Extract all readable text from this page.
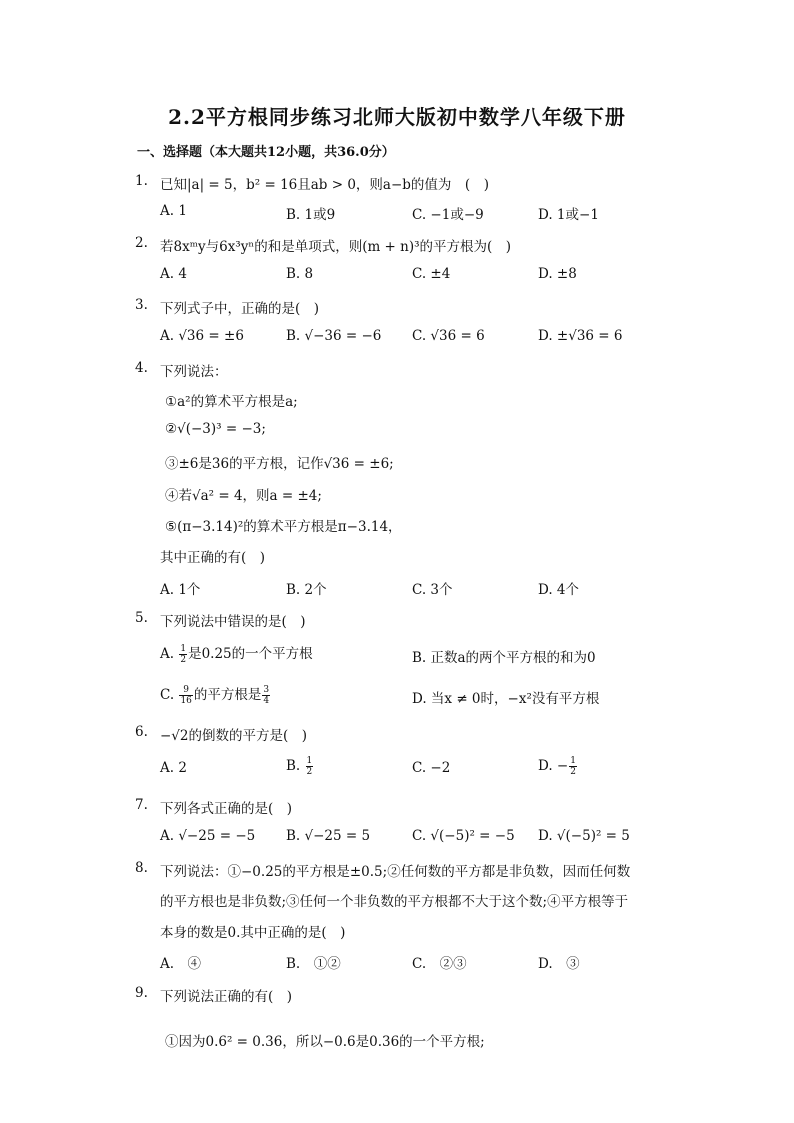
2.2平方根同步练习北师大版初中数学八年级下册
一、选择题（本大题共12小题，共36.0分）
1. 已知|a| = 5，b² = 16且ab > 0，则a−b的值为　(　)
A. 1	B. 1或9	C. −1或−9	D. 1或−1
2. 若8xᵐy与6x³yⁿ的和是单项式，则(m + n)³的平方根为(　)
A. 4	B. 8	C. ±4	D. ±8
3. 下列式子中，正确的是(　)
A. √36 = ±6	B. √−36 = −6 C. √36 = 6	D. ±√36 = 6
4. 下列说法：
①a²的算术平方根是a;
②√(−3)³ = −3;
③±6是36的平方根，记作√36 = ±6;
④若√a² = 4，则a = ±4;
⑤(π−3.14)²的算术平方根是π−3.14，
其中正确的有(　)
A. 1个	B. 2个	C. 3个	D. 4个
5. 下列说法中错误的是(　)
A. $\frac{1}{2}$ 是0.25的一个平方根	B. 正数a的两个平方根的和为0
C. $\frac{9}{16}$ 的平方根是 $\frac{3}{4}$	D. 当x ≠ 0时，−x²没有平方根
6. −√2的倒数的平方是(　)
A. 2	B. $\frac{1}{2}$	C. −2	D. − $\frac{1}{2}$
7. 下列各式正确的是(　)
A. √−25 = −5 B. √−25 = 5	C. √(−5)² = −5 D. √(−5)² = 5
8. 下列说法：①−0.25的平方根是±0.5;②任何数的平方都是非负数，因而任何数
的平方根也是非负数;③任何一个非负数的平方根都不大于这个数;④平方根等于
本身的数是0.其中正确的是(　)
A.　④	B.　①②	C.　②③	D.　③
9. 下列说法正确的有(　)
①因为0.6² = 0.36，所以−0.6是0.36的一个平方根;
